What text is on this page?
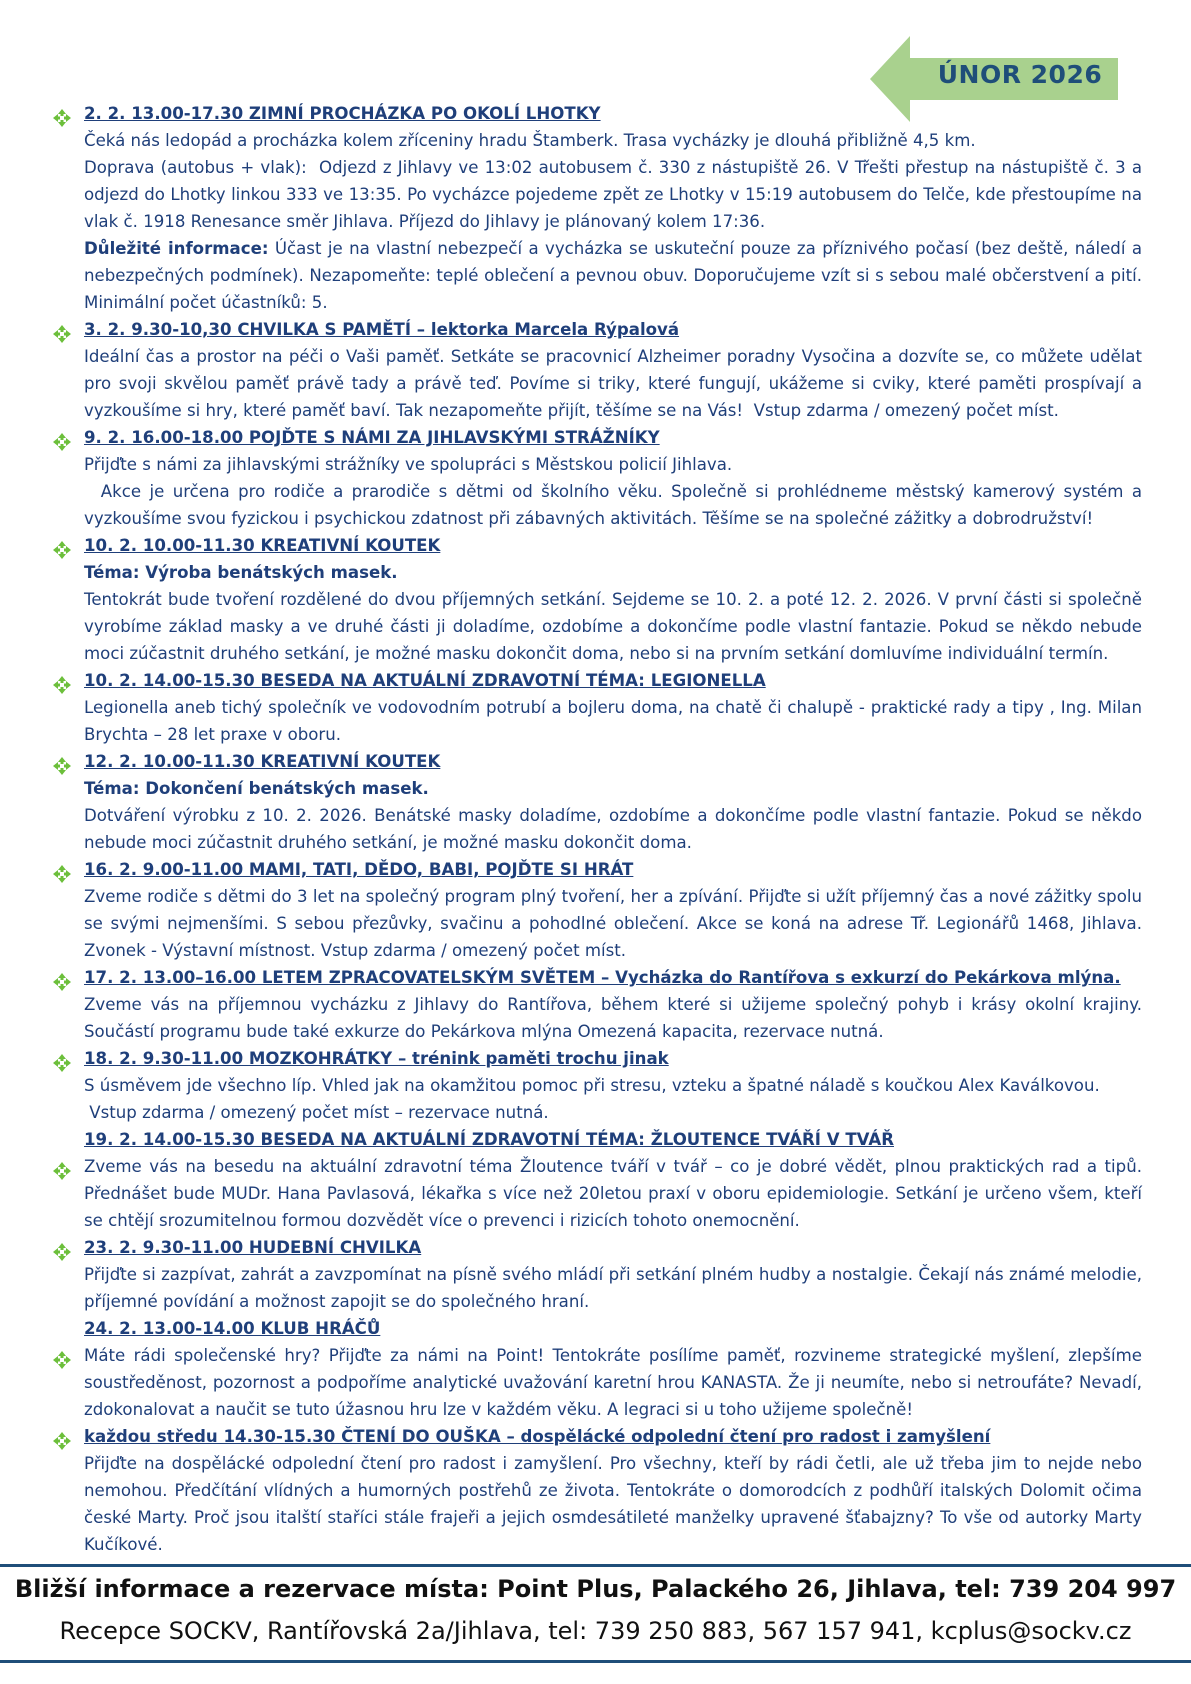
ÚNOR 2026
2. 2. 13.00-17.30 ZIMNÍ PROCHÁZKA PO OKOLÍ LHOTKY
Čeká nás ledopád a procházka kolem zříceniny hradu Štamberk. Trasa vycházky je dlouhá přibližně 4,5 km.
Doprava (autobus + vlak):  Odjezd z Jihlavy ve 13:02 autobusem č. 330 z nástupiště 26. V Třešti přestup na nástupiště č. 3 a odjezd do Lhotky linkou 333 ve 13:35. Po vycházce pojedeme zpět ze Lhotky v 15:19 autobusem do Telče, kde přestoupíme na vlak č. 1918 Renesance směr Jihlava. Příjezd do Jihlavy je plánovaný kolem 17:36.
Důležité informace: Účast je na vlastní nebezpečí a vycházka se uskuteční pouze za příznivého počasí (bez deště, náledí a nebezpečných podmínek). Nezapomeňte: teplé oblečení a pevnou obuv. Doporučujeme vzít si s sebou malé občerstvení a pití. Minimální počet účastníků: 5.
3. 2. 9.30-10,30 CHVILKA S PAMĚTÍ – lektorka Marcela Rýpalová
Ideální čas a prostor na péči o Vaši paměť. Setkáte se pracovnicí Alzheimer poradny Vysočina a dozvíte se, co můžete udělat pro svoji skvělou paměť právě tady a právě teď. Povíme si triky, které fungují, ukážeme si cviky, které paměti prospívají a vyzkoušíme si hry, které paměť baví. Tak nezapomeňte přijít, těšíme se na Vás!  Vstup zdarma / omezený počet míst.
9. 2. 16.00-18.00 POJĎTE S NÁMI ZA JIHLAVSKÝMI STRÁŽNÍKY
Přijďte s námi za jihlavskými strážníky ve spolupráci s Městskou policií Jihlava.
Akce je určena pro rodiče a prarodiče s dětmi od školního věku. Společně si prohlédneme městský kamerový systém a vyzkoušíme svou fyzickou i psychickou zdatnost při zábavných aktivitách. Těšíme se na společné zážitky a dobrodružství!
10. 2. 10.00-11.30 KREATIVNÍ KOUTEK
Téma: Výroba benátských masek.
Tentokrát bude tvoření rozdělené do dvou příjemných setkání. Sejdeme se 10. 2. a poté 12. 2. 2026. V první části si společně vyrobíme základ masky a ve druhé části ji doladíme, ozdobíme a dokončíme podle vlastní fantazie. Pokud se někdo nebude moci zúčastnit druhého setkání, je možné masku dokončit doma, nebo si na prvním setkání domluvíme individuální termín.
10. 2. 14.00-15.30 BESEDA NA AKTUÁLNÍ ZDRAVOTNÍ TÉMA: LEGIONELLA
Legionella aneb tichý společník ve vodovodním potrubí a bojleru doma, na chatě či chalupě - praktické rady a tipy , Ing. Milan Brychta – 28 let praxe v oboru.
12. 2. 10.00-11.30 KREATIVNÍ KOUTEK
Téma: Dokončení benátských masek.
Dotváření výrobku z 10. 2. 2026. Benátské masky doladíme, ozdobíme a dokončíme podle vlastní fantazie. Pokud se někdo nebude moci zúčastnit druhého setkání, je možné masku dokončit doma.
16. 2. 9.00-11.00 MAMI, TATI, DĚDO, BABI, POJĎTE SI HRÁT
Zveme rodiče s dětmi do 3 let na společný program plný tvoření, her a zpívání. Přijďte si užít příjemný čas a nové zážitky spolu se svými nejmenšími. S sebou přezůvky, svačinu a pohodlné oblečení. Akce se koná na adrese Tř. Legionářů 1468, Jihlava. Zvonek - Výstavní místnost. Vstup zdarma / omezený počet míst.
17. 2. 13.00–16.00 LETEM ZPRACOVATELSKÝM SVĚTEM – Vycházka do Rantířova s exkurzí do Pekárkova mlýna.
Zveme vás na příjemnou vycházku z Jihlavy do Rantířova, během které si užijeme společný pohyb i krásy okolní krajiny. Součástí programu bude také exkurze do Pekárkova mlýna Omezená kapacita, rezervace nutná.
18. 2. 9.30-11.00 MOZKOHRÁTKY – trénink paměti trochu jinak
S úsměvem jde všechno líp. Vhled jak na okamžitou pomoc při stresu, vzteku a špatné náladě s koučkou Alex Kaválkovou.
Vstup zdarma / omezený počet míst – rezervace nutná.
19. 2. 14.00-15.30 BESEDA NA AKTUÁLNÍ ZDRAVOTNÍ TÉMA: ŽLOUTENCE TVÁŘÍ V TVÁŘ
Zveme vás na besedu na aktuální zdravotní téma Žloutence tváří v tvář – co je dobré vědět, plnou praktických rad a tipů. Přednášet bude MUDr. Hana Pavlasová, lékařka s více než 20letou praxí v oboru epidemiologie. Setkání je určeno všem, kteří se chtějí srozumitelnou formou dozvědět více o prevenci i rizicích tohoto onemocnění.
23. 2. 9.30-11.00 HUDEBNÍ CHVILKA
Přijďte si zazpívat, zahrát a zavzpomínat na písně svého mládí při setkání plném hudby a nostalgie. Čekají nás známé melodie, příjemné povídání a možnost zapojit se do společného hraní.
24. 2. 13.00-14.00 KLUB HRÁČŮ
Máte rádi společenské hry? Přijďte za námi na Point! Tentokráte posílíme paměť, rozvineme strategické myšlení, zlepšíme soustředěnost, pozornost a podpoříme analytické uvažování karetní hrou KANASTA. Že ji neumíte, nebo si netroufáte? Nevadí, zdokonalovat a naučit se tuto úžasnou hru lze v každém věku. A legraci si u toho užijeme společně!
každou středu 14.30-15.30 ČTENÍ DO OUŠKA – dospělácké odpolední čtení pro radost i zamyšlení
Přijďte na dospělácké odpolední čtení pro radost i zamyšlení. Pro všechny, kteří by rádi četli, ale už třeba jim to nejde nebo nemohou. Předčítání vlídných a humorných postřehů ze života. Tentokráte o domorodcích z podhůří italských Dolomit očima české Marty. Proč jsou italští staříci stále frajeři a jejich osmdesátileté manželky upravené šťabajzny? To vše od autorky Marty Kučíkové.
Bližší informace a rezervace místa: Point Plus, Palackého 26, Jihlava, tel: 739 204 997
Recepce SOCKV, Rantířovská 2a/Jihlava, tel: 739 250 883, 567 157 941, kcplus@sockv.cz
